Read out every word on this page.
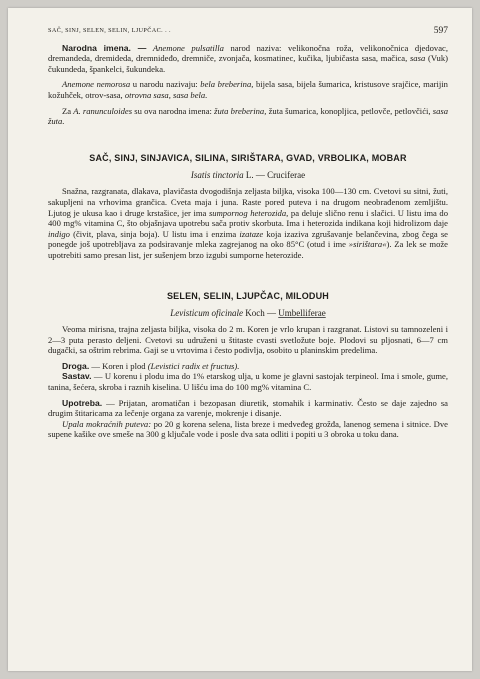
SAČ, SINJ, SELEN, SELIN, LJUPČAC. . .	597

Narodna imena. — Anemone pulsatilla narod naziva: velikonočna roža, velikonočnica djedovac, dremandeda, dremideda, dremnideđo, dremniče, zvonjača, kosmatinec, kučika, ljubičasta sasa, mačica, sasa (Vuk) čukundeda, špankelci, šukundeka.

Anemone nemorosa u narodu nazivaju: bela breberina, bijela sasa, bijela šumarica, kristusove srajčice, marijin kožuhček, otrov-sasa, otrovna sasa, sasa bela.

Za A. ranunculoides su ova narodna imena: žuta breberina, žuta šumarica, konopljica, petlovče, petlovčići, sasa žuta.

SAČ, SINJ, SINJAVICA, SILINA, SIRIŠTARA, GVAD, VRBOLIKA, MOBAR
Isatis tinctoria L. — Cruciferae

Snažna, razgranata, dlakava, plavičasta dvogodišnja zeljasta biljka, visoka 100—130 cm. Cvetovi su sitni, žuti, sakupljeni na vrhovima grančica. Cveta maja i juna. Raste pored puteva i na drugom neobrađenom zemljištu. Ljutog je ukusa kao i druge krstašice, jer ima sumpornog heterozida, pa deluje slično renu i slačici. U listu ima do 400 mg% vitamina C, što objašnjava upotrebu sača protiv skorbuta. Ima i heterozida indikana koji hidrolizom daje indigo (čivit, plava, sinja boja). U listu ima i enzima izataze koja izaziva zgrušavanje belančevina, zbog čega se ponegde još upotrebljava za podsiravanje mleka zagrejanog na oko 85°C (otud i ime »sirištara«). Za lek se može upotrebiti samo presan list, jer sušenjem brzo izgubi sumporne heterozide.

SELEN, SELIN, LJUPČAC, MILODUH
Levisticum oficinale Koch — Umbelliferae

Veoma mirisna, trajna zeljasta biljka, visoka do 2 m. Koren je vrlo krupan i razgranat. Listovi su tamnozeleni i 2—3 puta perasto deljeni. Cvetovi su udruženi u štitaste cvasti svetložute boje. Plodovi su pljosnati, 6—7 cm dugački, sa oštrim rebrima. Gaji se u vrtovima i često podivlja, osobito u planinskim predelima.

Droga. — Koren i plod (Levistici radix et fructus).

Sastav. — U korenu i plodu ima do 1% etarskog ulja, u kome je glavni sastojak terpineol. Ima i smole, gume, tanina, šećera, skroba i raznih kiselina. U lišću ima do 100 mg% vitamina C.

Upotreba. — Prijatan, aromatičan i bezopasan diuretik, stomahik i karminativ. Često se daje zajedno sa drugim štitaricama za lečenje organa za varenje, mokrenje i disanje.

Upala mokraćnih puteva: po 20 g korena selena, lista breze i medveđeg grožđa, lanenog semena i sitnice. Dve supene kašike ove smeše na 300 g ključale vode i posle dva sata odliti i popiti u 3 obroka u toku dana.
